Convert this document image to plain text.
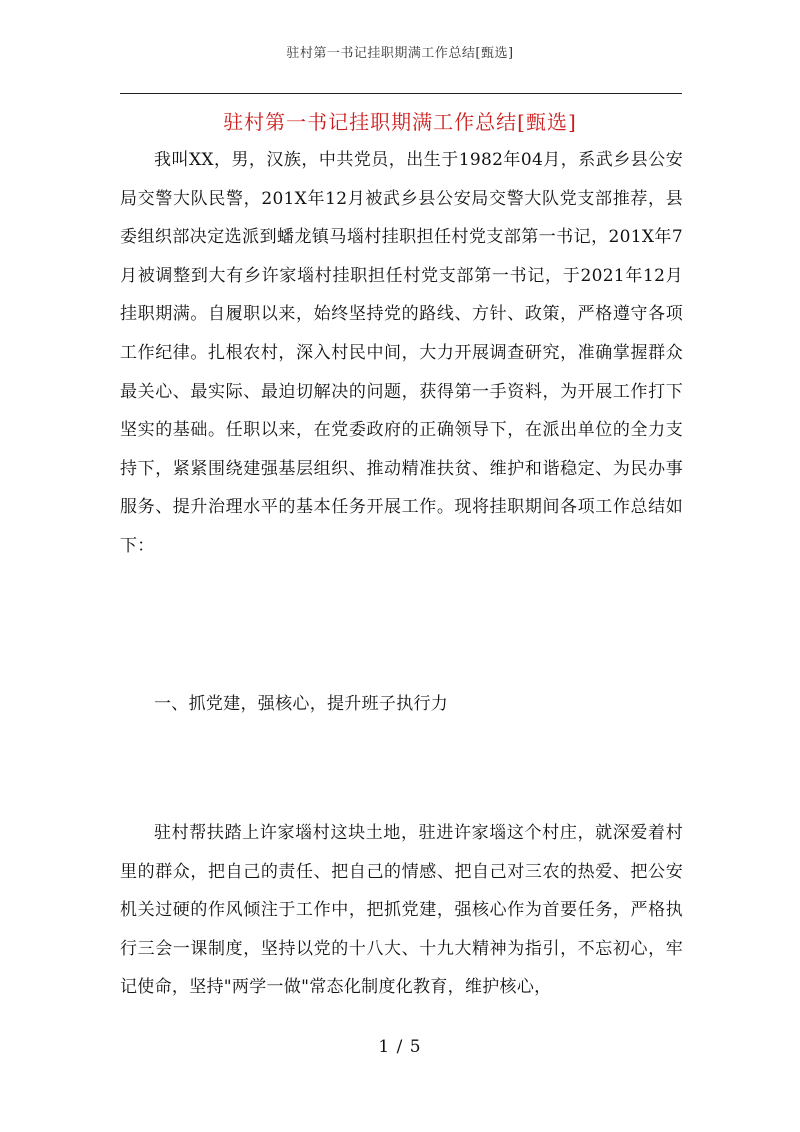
驻村第一书记挂职期满工作总结[甄选]
驻村第一书记挂职期满工作总结[甄选]

我叫XX，男，汉族，中共党员，出生于1982年04月，系武乡县公安局交警大队民警，201X年12月被武乡县公安局交警大队党支部推荐，县委组织部决定选派到蟠龙镇马堖村挂职担任村党支部第一书记，201X年7月被调整到大有乡许家堖村挂职担任村党支部第一书记，于2021年12月挂职期满。自履职以来，始终坚持党的路线、方针、政策，严格遵守各项工作纪律。扎根农村，深入村民中间，大力开展调查研究，准确掌握群众最关心、最实际、最迫切解决的问题，获得第一手资料，为开展工作打下坚实的基础。任职以来，在党委政府的正确领导下，在派出单位的全力支持下，紧紧围绕建强基层组织、推动精准扶贫、维护和谐稳定、为民办事服务、提升治理水平的基本任务开展工作。现将挂职期间各项工作总结如下：

一、抓党建，强核心，提升班子执行力

驻村帮扶踏上许家堖村这块土地，驻进许家堖这个村庄，就深爱着村里的群众，把自己的责任、把自己的情感、把自己对三农的热爱、把公安机关过硬的作风倾注于工作中，把抓党建，强核心作为首要任务，严格执行三会一课制度，坚持以党的十八大、十九大精神为指引，不忘初心，牢记使命，坚持"两学一做"常态化制度化教育，维护核心，

1 / 5
